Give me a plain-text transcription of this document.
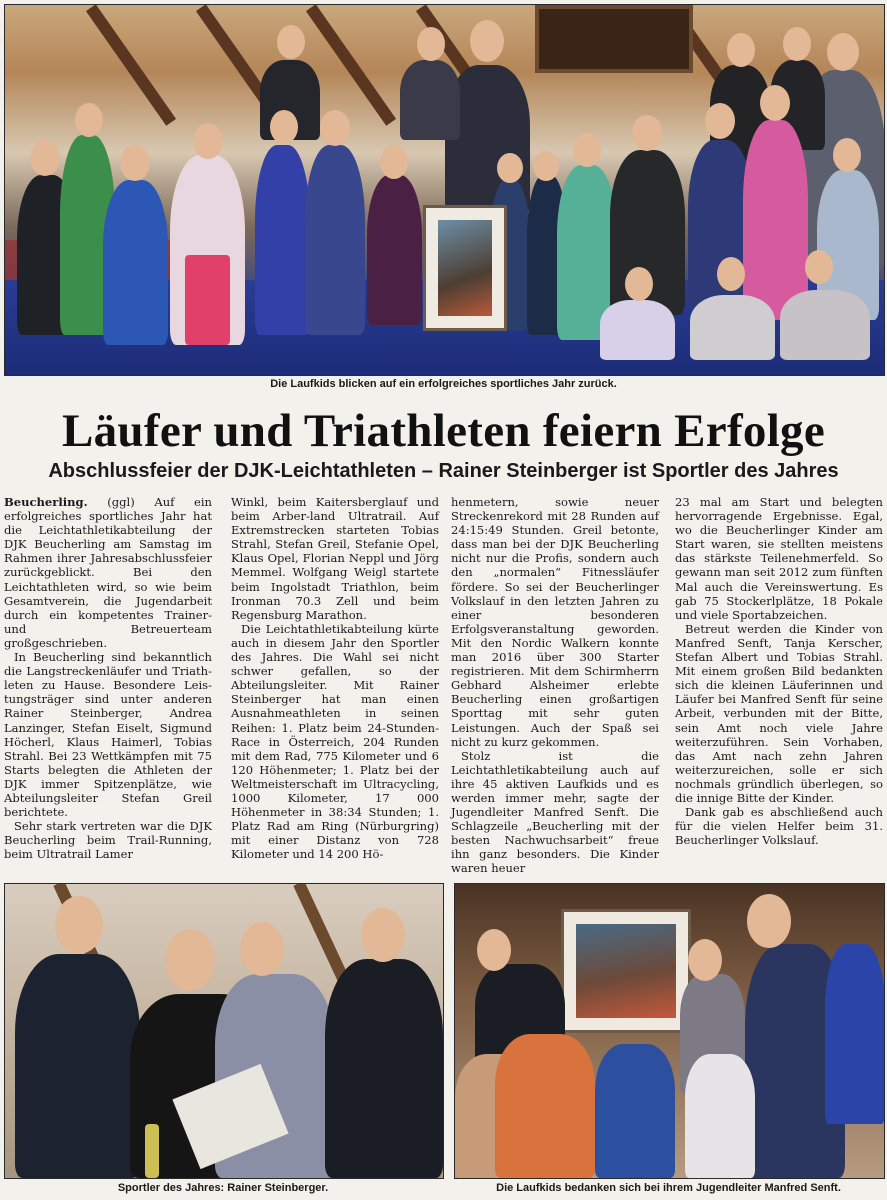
Die Laufkids blicken auf ein erfolgreiches sportliches Jahr zurück.
Läufer und Triathleten feiern Erfolge
Abschlussfeier der DJK-Leichtathleten – Rainer Steinberger ist Sportler des Jahres

Beucherling. (ggl) Auf ein erfolgreiches sportliches Jahr hat die Leichtathletikabteilung der DJK Beucherling am Samstag im Rahmen ihrer Jahresabschlussfeier zurückgeblickt. Bei den Leichtathleten wird, so wie beim Gesamtverein, die Jugendarbeit durch ein kompetentes Trainer- und Betreuerteam großgeschrieben.

In Beucherling sind bekanntlich die Langstreckenläufer und Triath-leten zu Hause. Besondere Leis-tungsträger sind unter anderen Rainer Steinberger, Andrea Lanzinger, Stefan Eiselt, Sigmund Höcherl, Klaus Haimerl, Tobias Strahl. Bei 23 Wettkämpfen mit 75 Starts belegten die Athleten der DJK immer Spitzenplätze, wie Abteilungsleiter Stefan Greil berichtete.

Sehr stark vertreten war die DJK Beucherling beim Trail-Running, beim Ultratrail Lamer

Winkl, beim Kaitersberglauf und beim Arber-land Ultratrail. Auf Extremstrecken starteten Tobias Strahl, Stefan Greil, Stefanie Opel, Klaus Opel, Florian Neppl und Jörg Memmel. Wolfgang Weigl startete beim Ingolstadt Triathlon, beim Ironman 70.3 Zell und beim Regensburg Marathon.

Die Leichtathletikabteilung kürte auch in diesem Jahr den Sportler des Jahres. Die Wahl sei nicht schwer gefallen, so der Abteilungsleiter. Mit Rainer Steinberger hat man einen Ausnahmeathleten in seinen Reihen: 1. Platz beim 24-Stunden-Race in Österreich, 204 Runden mit dem Rad, 775 Kilometer und 6 120 Höhenmeter; 1. Platz bei der Weltmeisterschaft im Ultracycling, 1000 Kilometer, 17 000 Höhenmeter in 38:34 Stunden; 1. Platz Rad am Ring (Nürburgring) mit einer Distanz von 728 Kilometer und 14 200 Hö-

henmetern, sowie neuer Streckenrekord mit 28 Runden auf 24:15:49 Stunden. Greil betonte, dass man bei der DJK Beucherling nicht nur die Profis, sondern auch den „normalen“ Fitnessläufer fördere. So sei der Beucherlinger Volkslauf in den letzten Jahren zu einer besonderen Erfolgsveranstaltung geworden. Mit den Nordic Walkern konnte man 2016 über 300 Starter registrieren. Mit dem Schirmherrn Gebhard Alsheimer erlebte Beucherling einen großartigen Sporttag mit sehr guten Leistungen. Auch der Spaß sei nicht zu kurz gekommen.

Stolz ist die Leichtathletikabteilung auch auf ihre 45 aktiven Laufkids und es werden immer mehr, sagte der Jugendleiter Manfred Senft. Die Schlagzeile „Beucherling mit der besten Nachwuchsarbeit“ freue ihn ganz besonders. Die Kinder waren heuer

23 mal am Start und belegten hervorragende Ergebnisse. Egal, wo die Beucherlinger Kinder am Start waren, sie stellten meistens das stärkste Teilenehmerfeld. So gewann man seit 2012 zum fünften Mal auch die Vereinswertung. Es gab 75 Stockerlplätze, 18 Pokale und viele Sportabzeichen.

Betreut werden die Kinder von Manfred Senft, Tanja Kerscher, Stefan Albert und Tobias Strahl. Mit einem großen Bild bedankten sich die kleinen Läuferinnen und Läufer bei Manfred Senft für seine Arbeit, verbunden mit der Bitte, sein Amt noch viele Jahre weiterzuführen. Sein Vorhaben, das Amt nach zehn Jahren weiterzureichen, solle er sich nochmals gründlich überlegen, so die innige Bitte der Kinder.

Dank gab es abschließend auch für die vielen Helfer beim 31. Beucherlinger Volkslauf.

Sportler des Jahres: Rainer Steinberger.	Die Laufkids bedanken sich bei ihrem Jugendleiter Manfred Senft.
